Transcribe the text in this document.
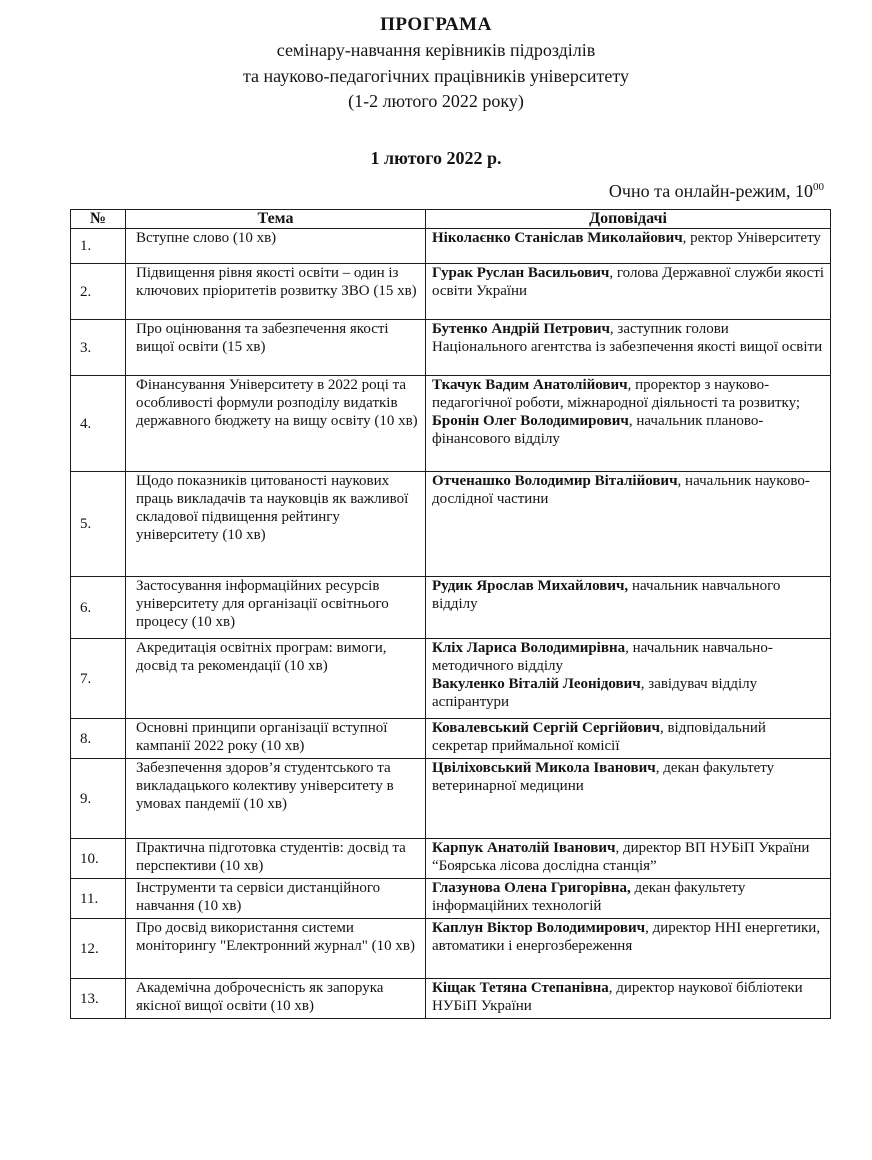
ПРОГРАМА
семінару-навчання керівників підрозділів
та науково-педагогічних працівників університету
(1-2 лютого 2022 року)
1 лютого 2022 р.
Очно та онлайн-режим, $10^{00}$
№	Тема	Доповідачі
1.	Вступне слово (10 хв)	Ніколаєнко Станіслав Миколайович, ректор Університету
2.	Підвищення рівня якості освіти – один із ключових пріоритетів розвитку ЗВО (15 хв)	Гурак Руслан Васильович, голова Державної служби якості освіти України
3.	Про оцінювання та забезпечення якості вищої освіти (15 хв)	Бутенко Андрій Петрович, заступник голови Національного агентства із забезпечення якості вищої освіти
4.	Фінансування Університету в 2022 році та особливості формули розподілу видатків державного бюджету на вищу освіту (10 хв)	Ткачук Вадим Анатолійович, проректор з науково-педагогічної роботи, міжнародної діяльності та розвитку;
Бронін Олег Володимирович, начальник планово-фінансового відділу

5.	Щодо показників цитованості наукових праць викладачів та науковців як важливої складової підвищення рейтингу університету (10 хв)	Отченашко Володимир Віталійович, начальник науково-дослідної частини
6.	Застосування інформаційних ресурсів університету для організації освітнього процесу (10 хв)	Рудик Ярослав Михайлович, начальник навчального відділу
7.	Акредитація освітніх програм: вимоги, досвід та рекомендації (10 хв)	Кліх Лариса Володимирівна, начальник навчально-методичного відділу
Вакуленко Віталій Леонідович, завідувач відділу аспірантури

8.	Основні принципи організації вступної кампанії 2022 року (10 хв)	Ковалевський Сергій Сергійович, відповідальний секретар приймальної комісії
9.	Забезпечення здоров’я студентського та викладацького колективу університету в умовах пандемії (10 хв)	Цвіліховський Микола Іванович, декан факультету ветеринарної медицини
10.	Практична підготовка студентів: досвід та перспективи (10 хв)	Карпук Анатолій Іванович, директор ВП НУБіП України “Боярська лісова дослідна станція”
11.	Інструменти та сервіси дистанційного навчання (10 хв)	Глазунова Олена Григорівна, декан факультету інформаційних технологій
12.	Про досвід використання системи моніторингу "Електронний журнал" (10 хв)	Каплун Віктор Володимирович, директор ННІ енергетики, автоматики і енергозбереження
13.	Академічна доброчесність як запорука якісної вищої освіти (10 хв)	Кіщак Тетяна Степанівна, директор наукової бібліотеки НУБіП України
